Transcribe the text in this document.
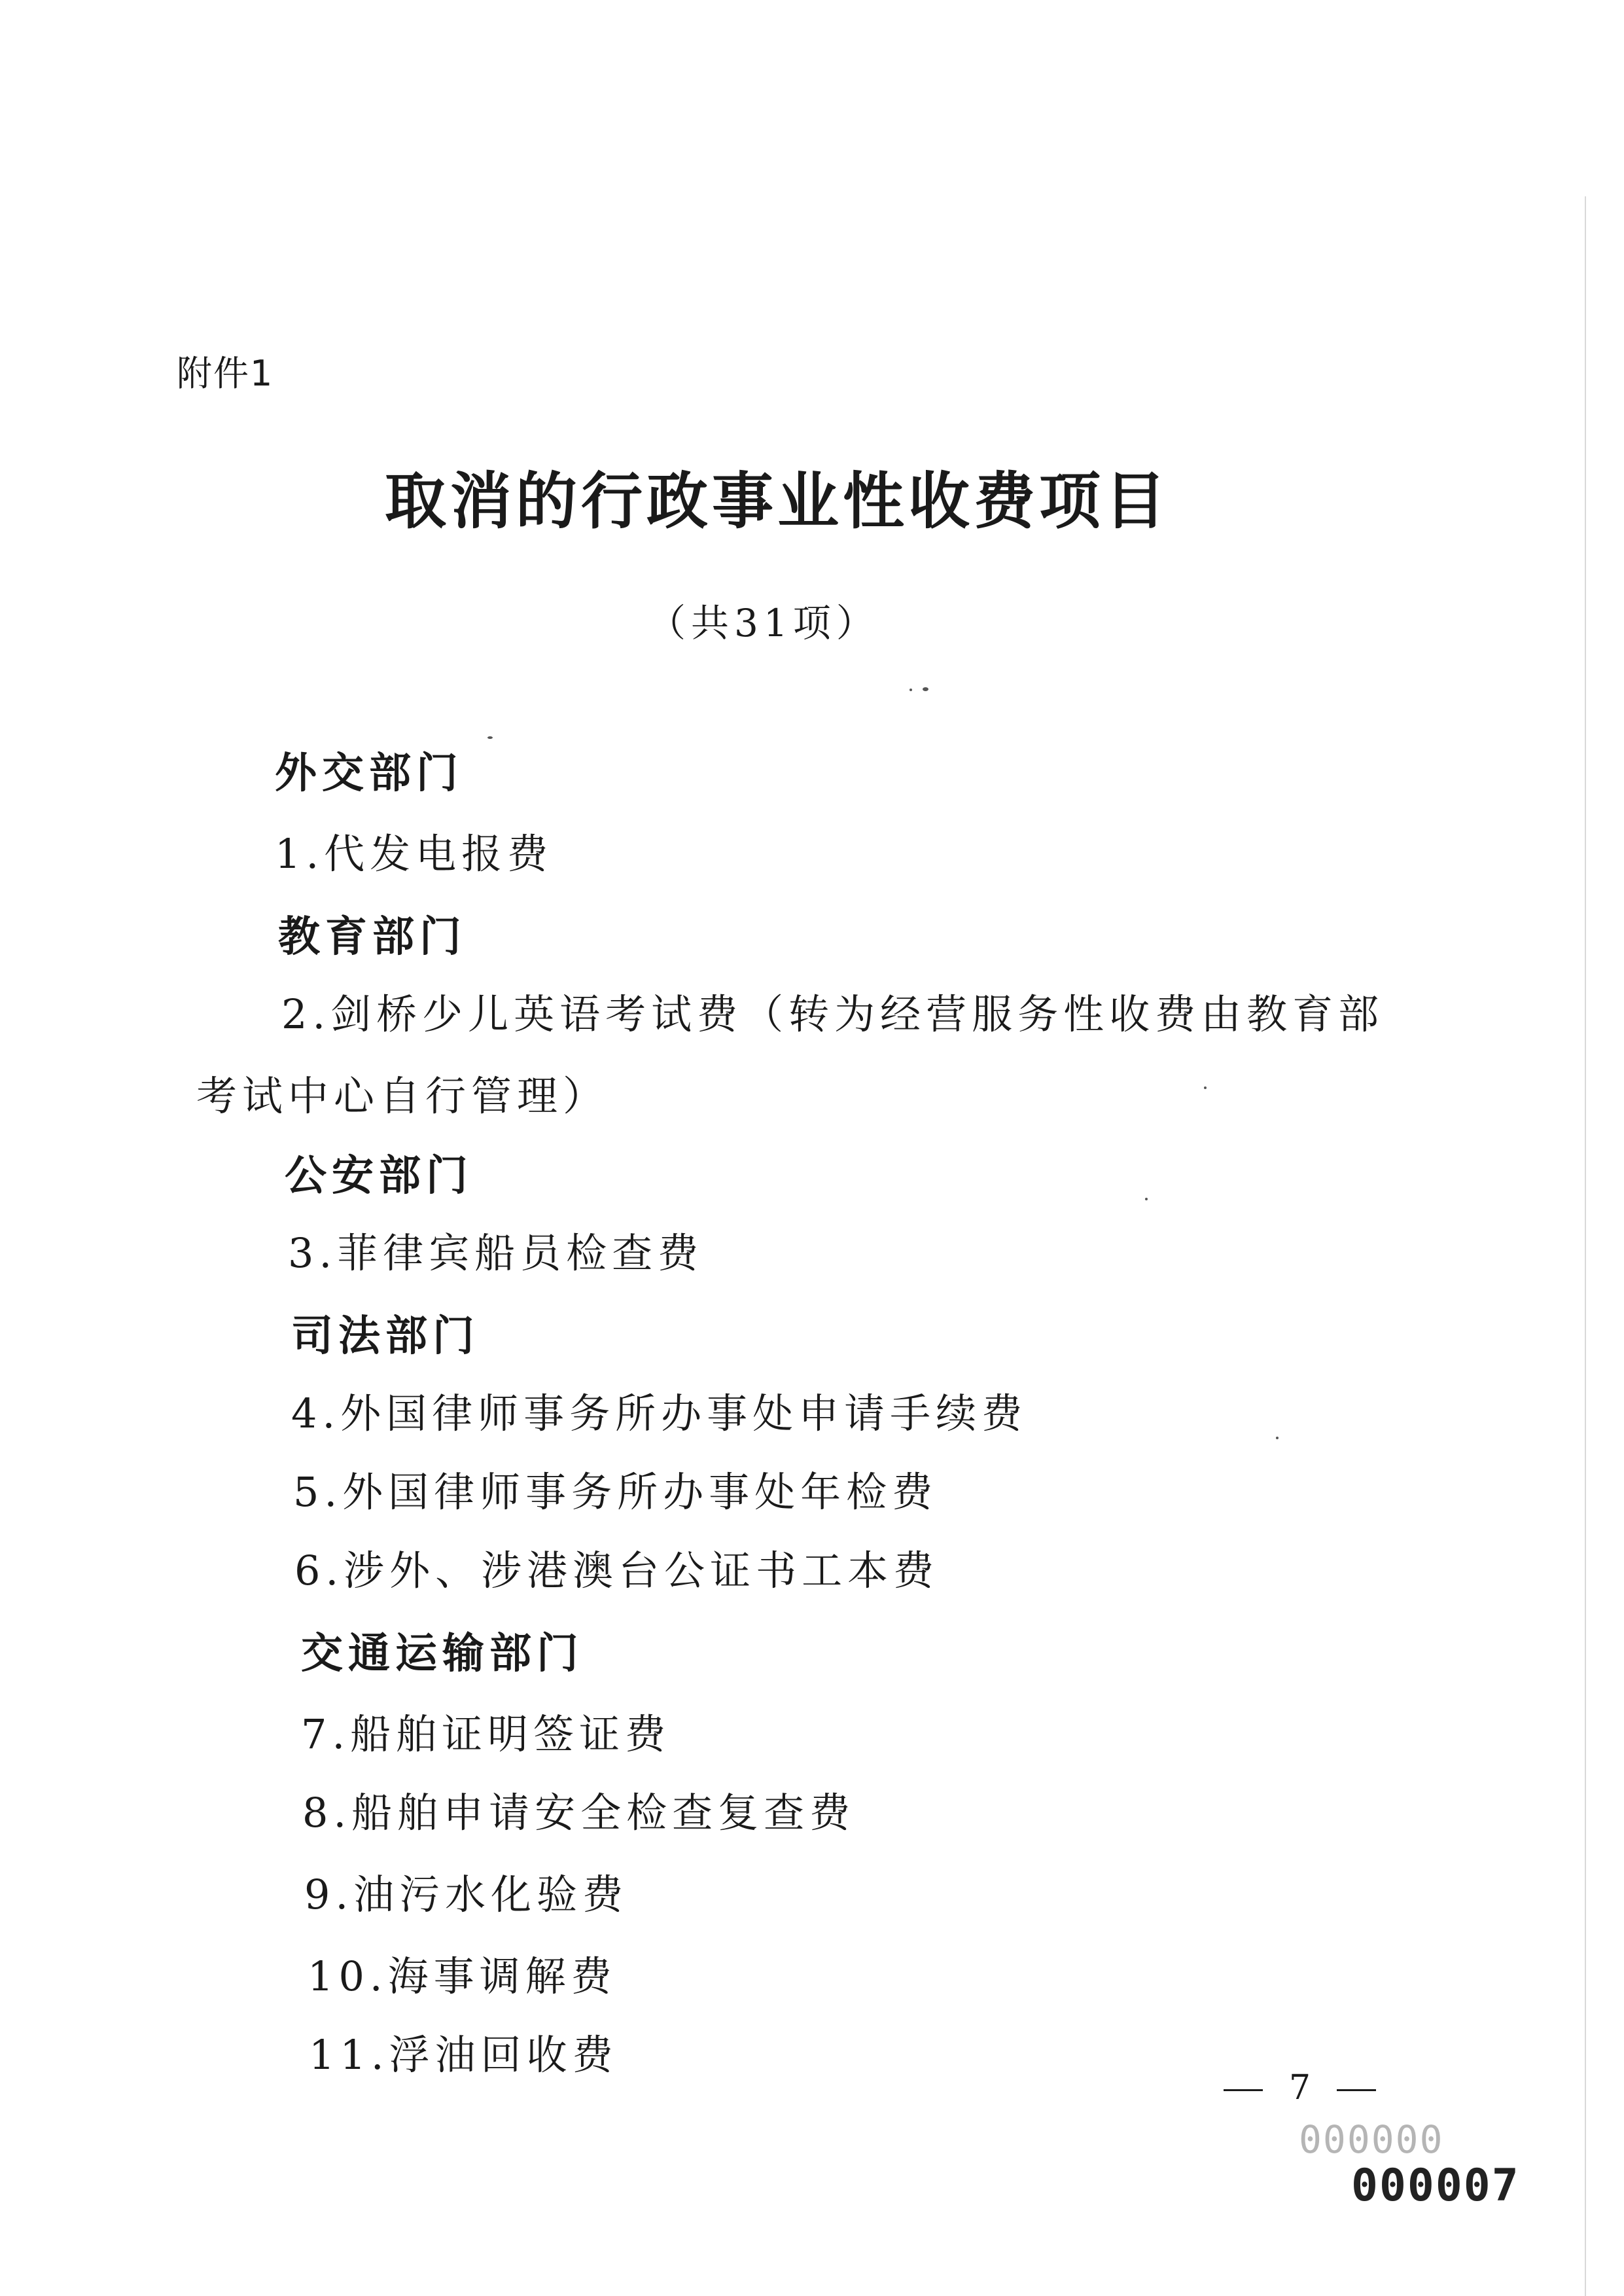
附件1
取消的行政事业性收费项目
（共31项）
外交部门
1.代发电报费
教育部门
2.剑桥少儿英语考试费（转为经营服务性收费由教育部
考试中心自行管理）
公安部门
3.菲律宾船员检查费
司法部门
4.外国律师事务所办事处申请手续费
5.外国律师事务所办事处年检费
6.涉外、涉港澳台公证书工本费
交通运输部门
7.船舶证明签证费
8.船舶申请安全检查复查费
9.油污水化验费
10.海事调解费
11.浮油回收费
7
000000
000007
